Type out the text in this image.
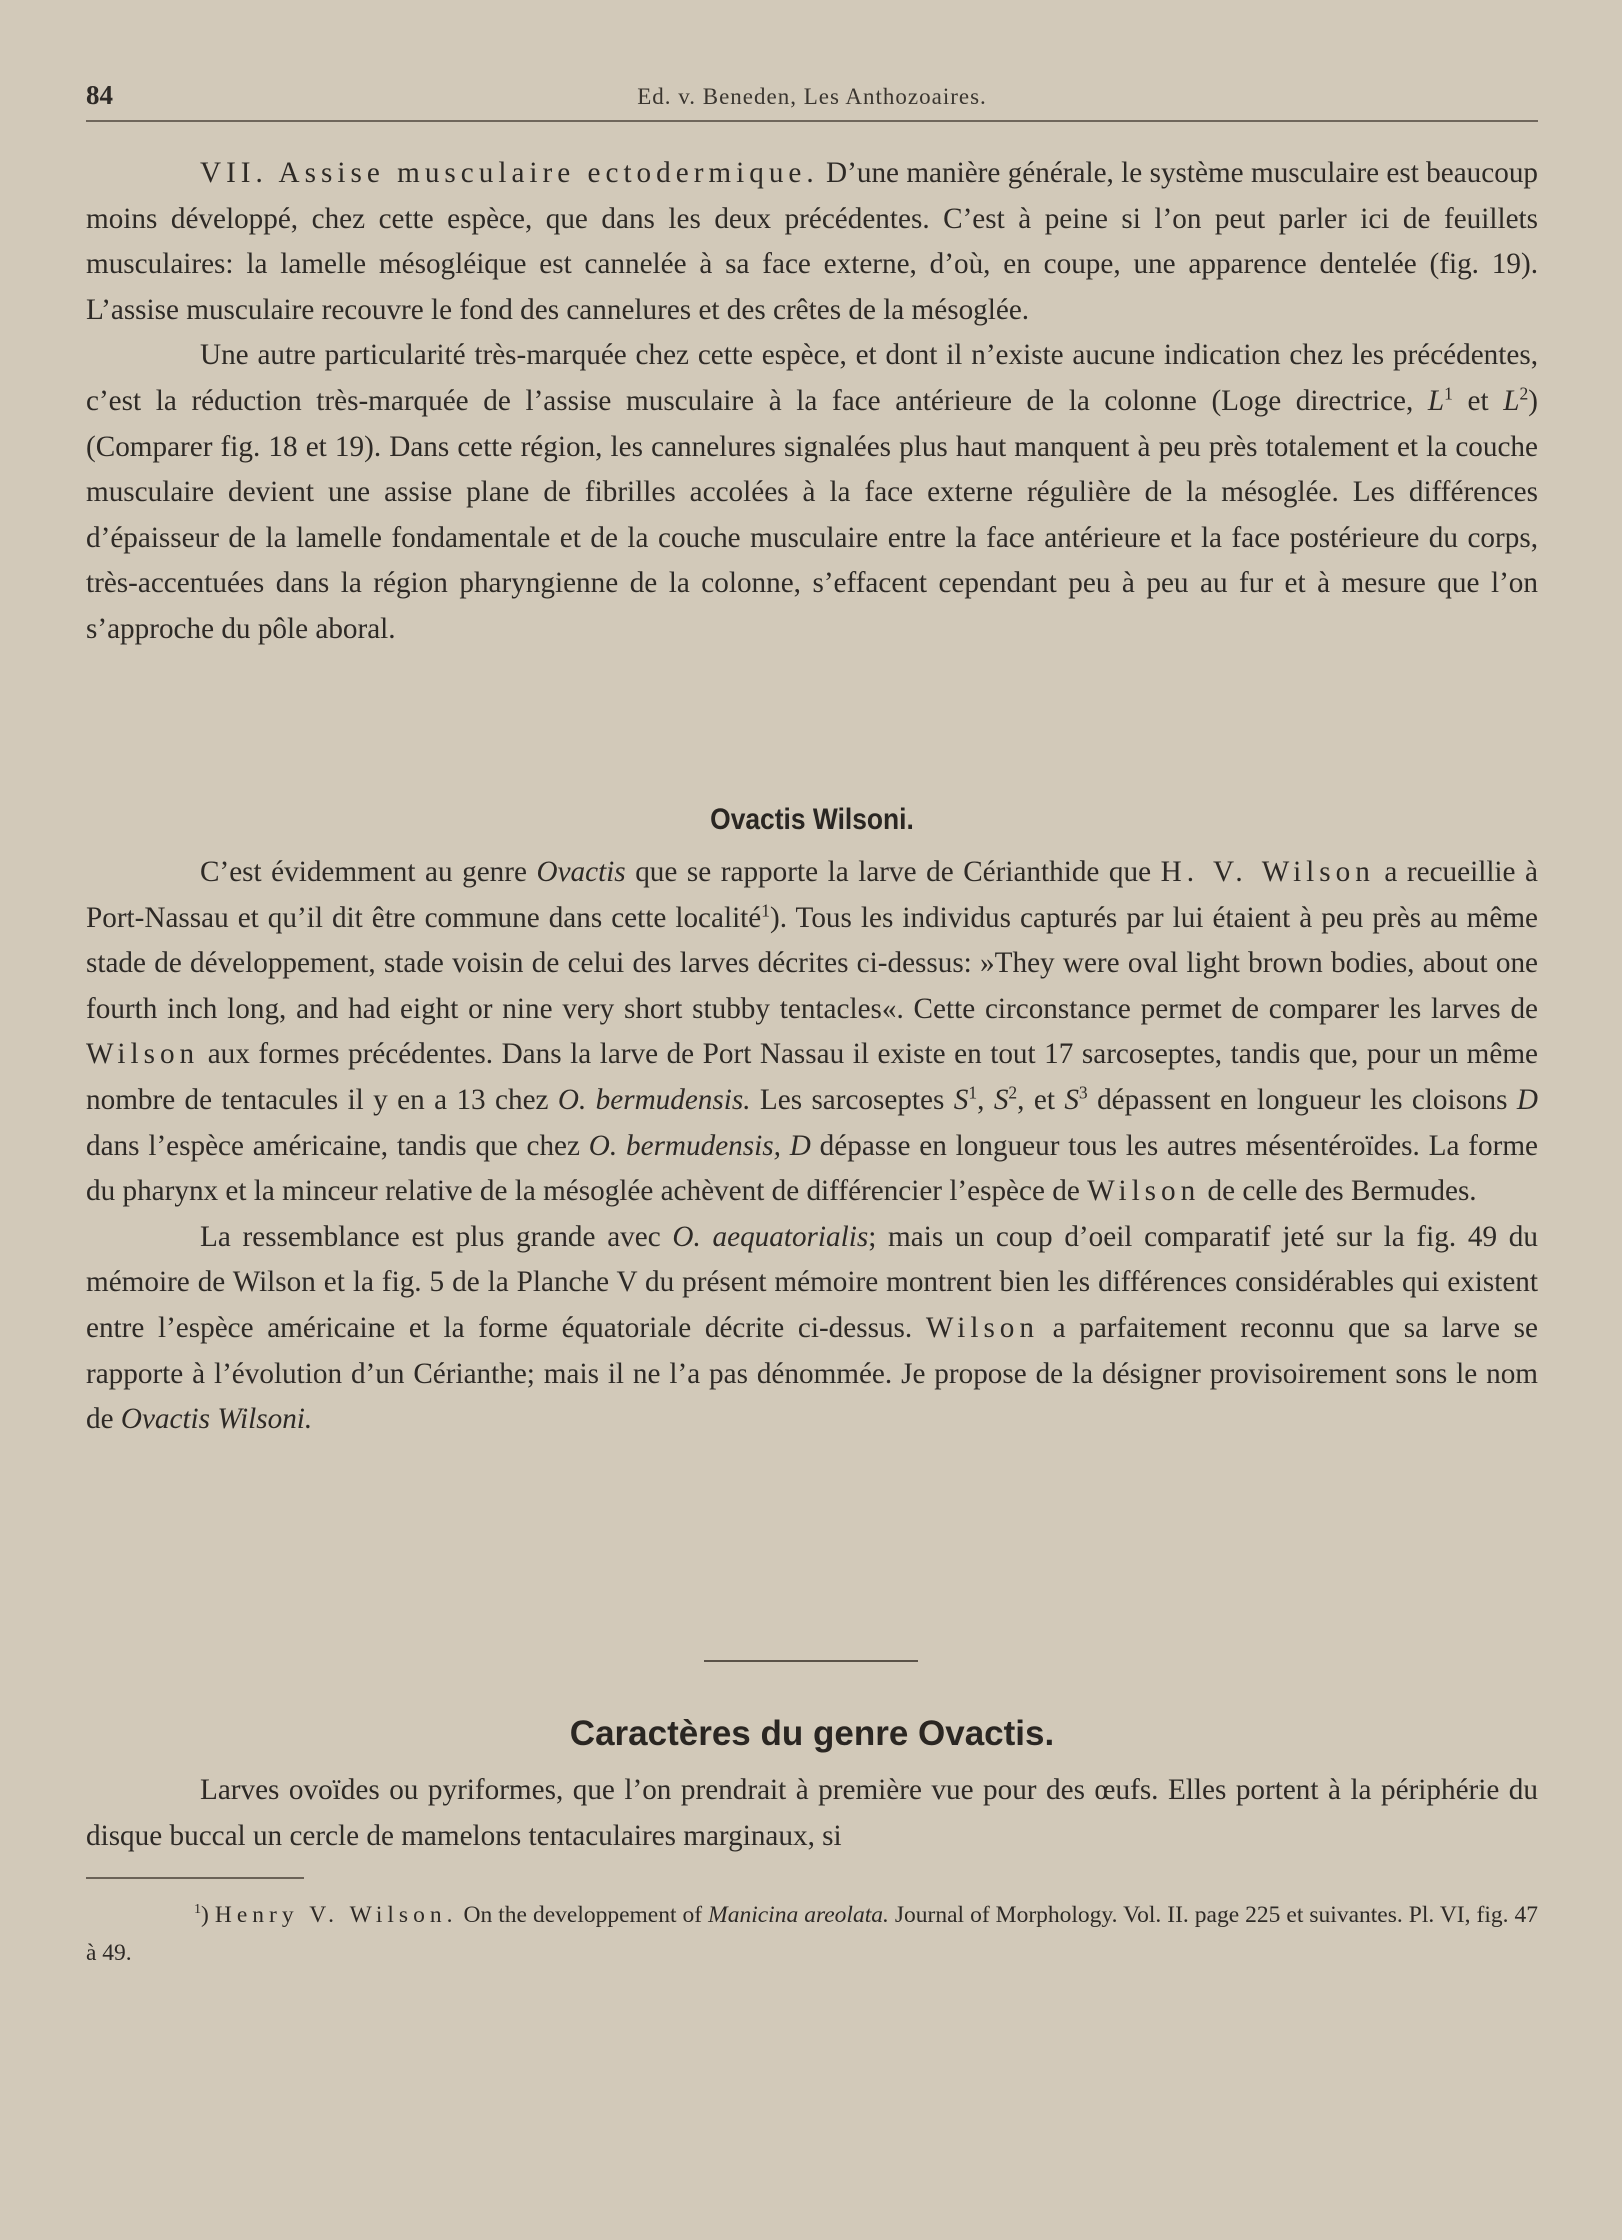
84	Ed. v. Beneden, Les Anthozoaires.

VII. Assise musculaire ectodermique. D’une manière générale, le système musculaire est beaucoup moins développé, chez cette espèce, que dans les deux précédentes. C’est à peine si l’on peut parler ici de feuillets musculaires: la lamelle mésogléique est cannelée à sa face externe, d’où, en coupe, une apparence dentelée (fig. 19). L’assise musculaire recouvre le fond des cannelures et des crêtes de la mésoglée.

Une autre particularité très-marquée chez cette espèce, et dont il n’existe aucune indication chez les précédentes, c’est la réduction très-marquée de l’assise musculaire à la face antérieure de la colonne (Loge directrice, $L^1$ et $L^2$) (Comparer fig. 18 et 19). Dans cette région, les cannelures signalées plus haut manquent à peu près totalement et la couche musculaire devient une assise plane de fibrilles accolées à la face externe régulière de la mésoglée. Les différences d’épaisseur de la lamelle fondamentale et de la couche musculaire entre la face antérieure et la face postérieure du corps, très-accentuées dans la région pharyngienne de la colonne, s’effacent cependant peu à peu au fur et à mesure que l’on s’approche du pôle aboral.

Ovactis Wilsoni.

C’est évidemment au genre Ovactis que se rapporte la larve de Cérianthide que H. V. Wilson a recueillie à Port-Nassau et qu’il dit être commune dans cette localité$^1$). Tous les individus capturés par lui étaient à peu près au même stade de développement, stade voisin de celui des larves décrites ci-dessus: »They were oval light brown bodies, about one fourth inch long, and had eight or nine very short stubby tentacles«. Cette circonstance permet de comparer les larves de Wilson aux formes précédentes. Dans la larve de Port Nassau il existe en tout 17 sarcoseptes, tandis que, pour un même nombre de tentacules il y en a 13 chez O. bermudensis. Les sarcoseptes $S^1$, $S^2$, et $S^3$ dépassent en longueur les cloisons D dans l’espèce américaine, tandis que chez O. bermudensis, D dépasse en longueur tous les autres mésentéroïdes. La forme du pharynx et la minceur relative de la mésoglée achèvent de différencier l’espèce de Wilson de celle des Bermudes.

La ressemblance est plus grande avec O. aequatorialis; mais un coup d’oeil comparatif jeté sur la fig. 49 du mémoire de Wilson et la fig. 5 de la Planche V du présent mémoire montrent bien les différences considérables qui existent entre l’espèce américaine et la forme équatoriale décrite ci-dessus. Wilson a parfaitement reconnu que sa larve se rapporte à l’évolution d’un Cérianthe; mais il ne l’a pas dénommée. Je propose de la désigner provisoirement sons le nom de Ovactis Wilsoni.

Caractères du genre Ovactis.

Larves ovoïdes ou pyriformes, que l’on prendrait à première vue pour des œufs. Elles portent à la périphérie du disque buccal un cercle de mamelons tentaculaires marginaux, si

$^1$) Henry V. Wilson. On the developpement of Manicina areolata. Journal of Morphology. Vol. II. page 225 et suivantes. Pl. VI, fig. 47 à 49.
